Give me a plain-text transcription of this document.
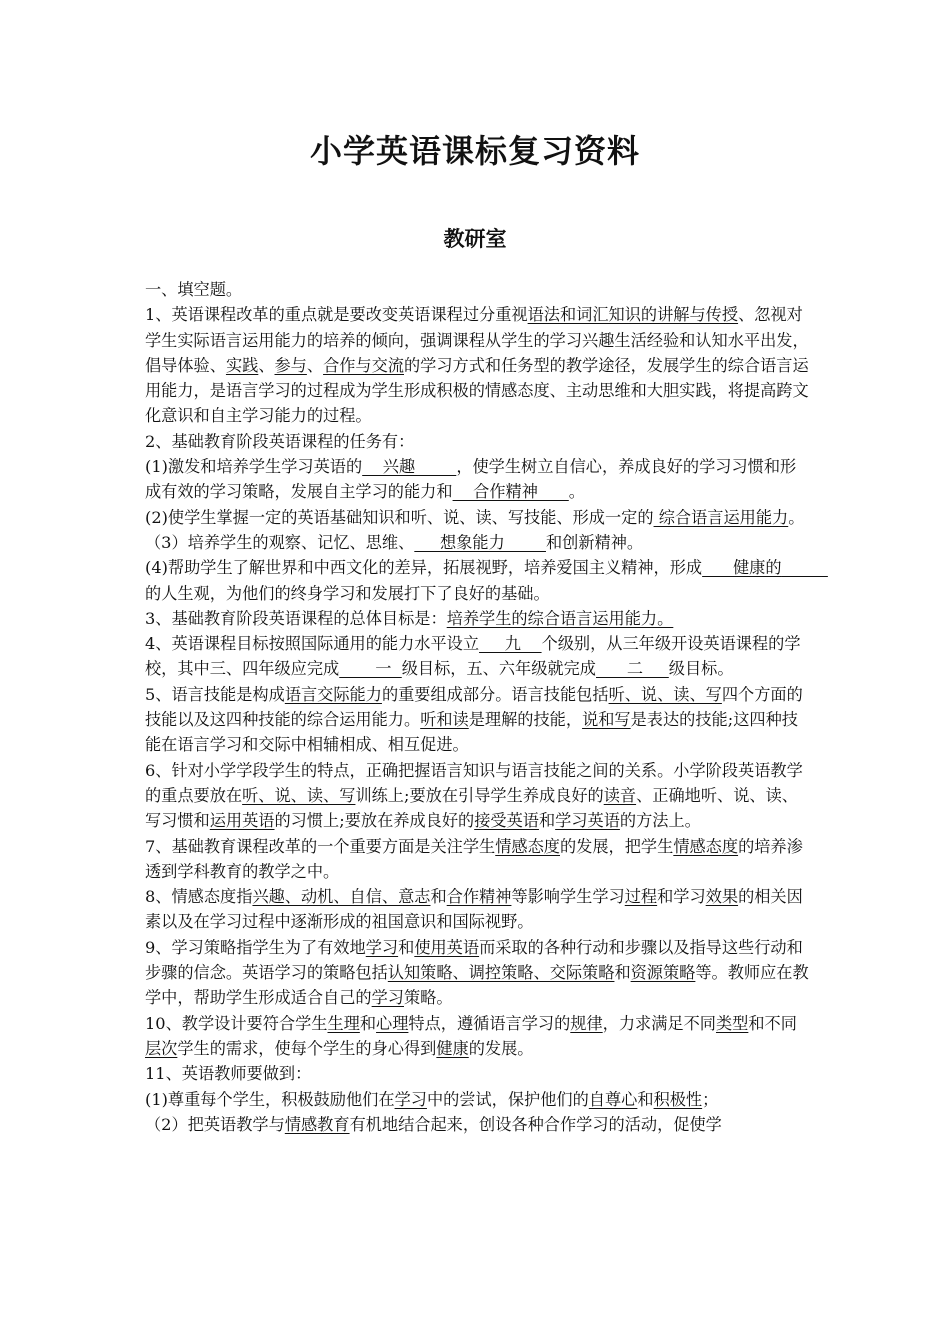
小学英语课标复习资料
教研室

一、填空题。

1、英语课程改革的重点就是要改变英语课程过分重视语法和词汇知识的讲解与传授、忽视对学生实际语言运用能力的培养的倾向，强调课程从学生的学习兴趣生活经验和认知水平出发，倡导体验、实践、参与、合作与交流的学习方式和任务型的教学途径，发展学生的综合语言运用能力，是语言学习的过程成为学生形成积极的情感态度、主动思维和大胆实践，将提高跨文化意识和自主学习能力的过程。

2、基础教育阶段英语课程的任务有：

(1)激发和培养学生学习英语的    兴趣        ，使学生树立自信心，养成良好的学习习惯和形成有效的学习策略，发展自主学习的能力和    合作精神      。

(2)使学生掌握一定的英语基础知识和听、说、读、写技能、形成一定的 综合语言运用能力。

（3）培养学生的观察、记忆、思维、     想象能力        和创新精神。

(4)帮助学生了解世界和中西文化的差异，拓展视野，培养爱国主义精神，形成      健康的         的人生观，为他们的终身学习和发展打下了良好的基础。

3、基础教育阶段英语课程的总体目标是：培养学生的综合语言运用能力。

4、英语课程目标按照国际通用的能力水平设立     九    个级别，从三年级开设英语课程的学校，其中三、四年级应完成       一  级目标，五、六年级就完成      二     级目标。

5、语言技能是构成语言交际能力的重要组成部分。语言技能包括听、说、读、写四个方面的技能以及这四种技能的综合运用能力。听和读是理解的技能，说和写是表达的技能;这四种技能在语言学习和交际中相辅相成、相互促进。

6、针对小学学段学生的特点，正确把握语言知识与语言技能之间的关系。小学阶段英语教学的重点要放在听、说、读、写训练上;要放在引导学生养成良好的读音、正确地听、说、读、写习惯和运用英语的习惯上;要放在养成良好的接受英语和学习英语的方法上。

7、基础教育课程改革的一个重要方面是关注学生情感态度的发展，把学生情感态度的培养渗透到学科教育的教学之中。

8、情感态度指兴趣、动机、自信、意志和合作精神等影响学生学习过程和学习效果的相关因素以及在学习过程中逐渐形成的祖国意识和国际视野。

9、学习策略指学生为了有效地学习和使用英语而采取的各种行动和步骤以及指导这些行动和步骤的信念。英语学习的策略包括认知策略、调控策略、交际策略和资源策略等。教师应在教学中，帮助学生形成适合自己的学习策略。

10、教学设计要符合学生生理和心理特点，遵循语言学习的规律，力求满足不同类型和不同层次学生的需求，使每个学生的身心得到健康的发展。

11、英语教师要做到：

(1)尊重每个学生，积极鼓励他们在学习中的尝试，保护他们的自尊心和积极性；

（2）把英语教学与情感教育有机地结合起来，创设各种合作学习的活动，促使学
